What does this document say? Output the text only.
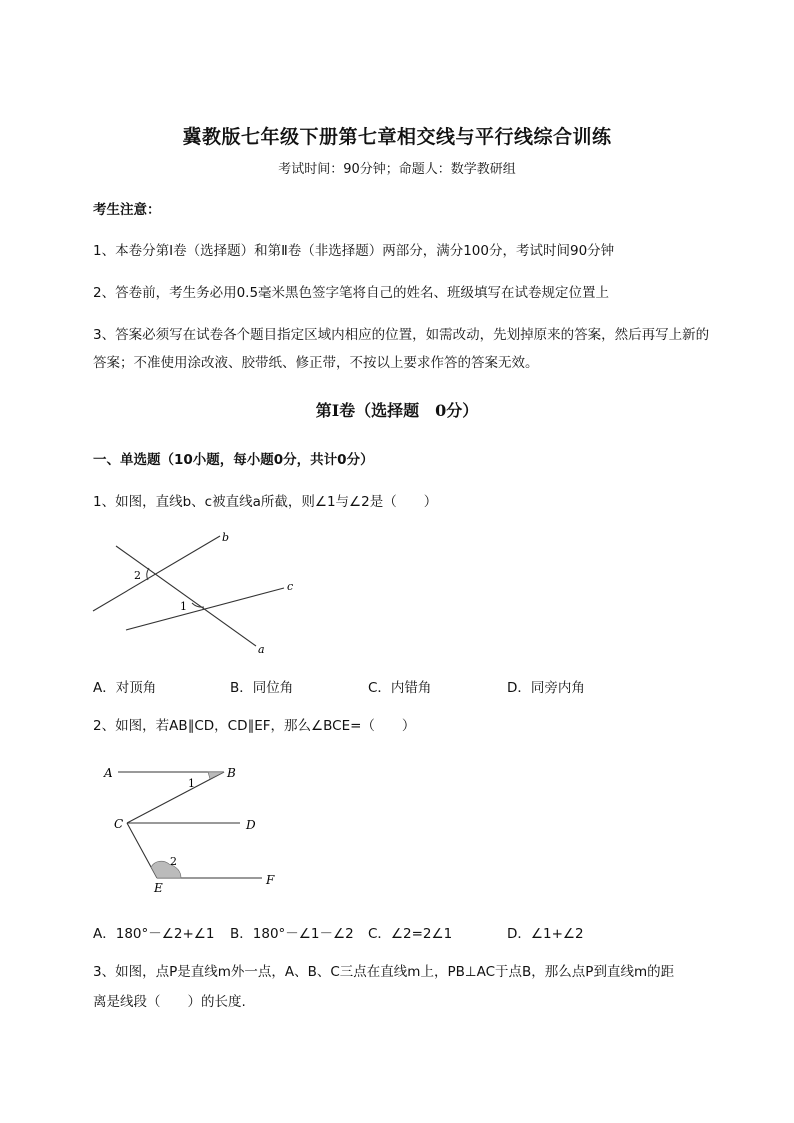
冀教版七年级下册第七章相交线与平行线综合训练
考试时间：90分钟；命题人：数学教研组
考生注意：
1、本卷分第Ⅰ卷（选择题）和第Ⅱ卷（非选择题）两部分，满分100分，考试时间90分钟
2、答卷前，考生务必用0.5毫米黑色签字笔将自己的姓名、班级填写在试卷规定位置上
3、答案必须写在试卷各个题目指定区域内相应的位置，如需改动，先划掉原来的答案，然后再写上新的答案；不准使用涂改液、胶带纸、修正带，不按以上要求作答的答案无效。
第Ⅰ卷（选择题　0分）
一、单选题（10小题，每小题0分，共计0分）
1、如图，直线b、c被直线a所截，则∠1与∠2是（　　）
b
c
a
2
1
A．对顶角	B．同位角	C．内错角	D．同旁内角
2、如图，若AB∥CD，CD∥EF，那么∠BCE=（　　）
A	B
C	D
E
F
1
2
A．180°－∠2+∠1 B．180°－∠1－∠2 C．∠2=2∠1	D．∠1+∠2
3、如图，点P是直线m外一点，A、B、C三点在直线m上，PB⊥AC于点B，那么点P到直线m的距
离是线段（　　）的长度.
